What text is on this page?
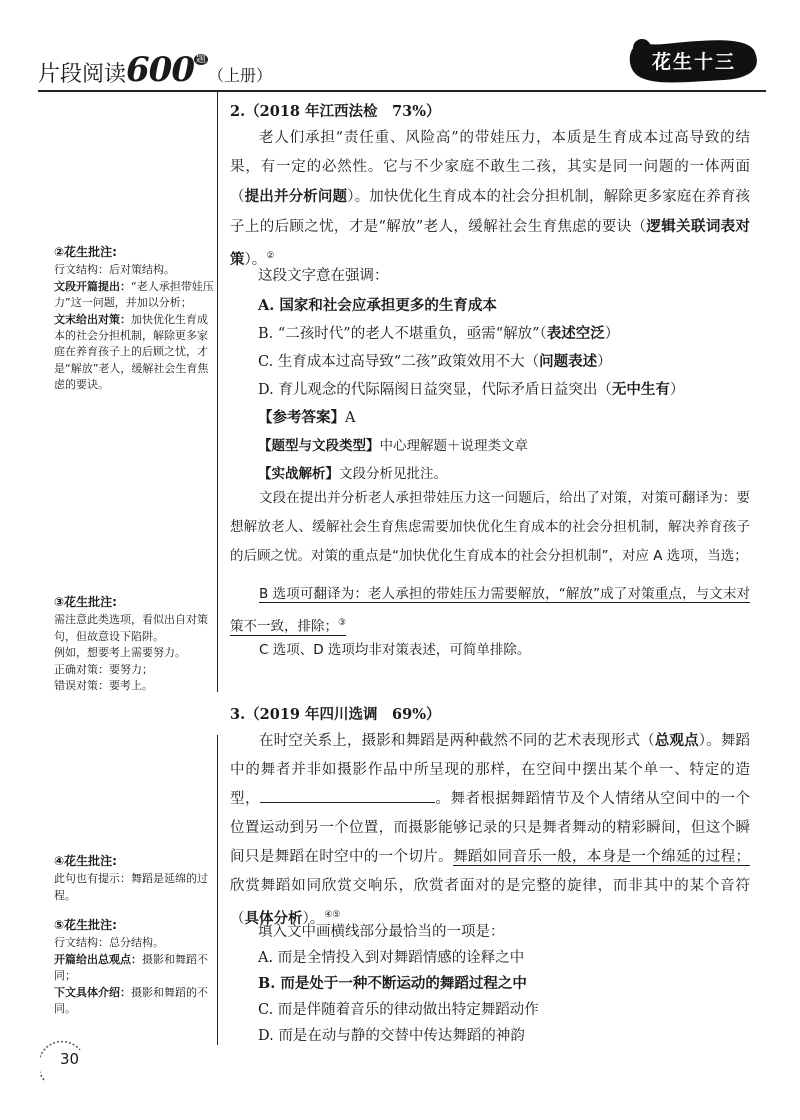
片段阅读600 $^题$（上册）
花生十三
②花生批注:
行文结构：后对策结构。
文段开篇提出：“老人承担带娃压力”这一问题，并加以分析；
文末给出对策：加快优化生育成本的社会分担机制，解除更多家庭在养育孩子上的后顾之忧，才是“解放”老人，缓解社会生育焦虑的要诀。
③花生批注:
需注意此类选项，看似出自对策句，但故意设下陷阱。
例如，想要考上需要努力。
正确对策：要努力；
错误对策：要考上。
④花生批注:
此句也有提示：舞蹈是延绵的过程。
⑤花生批注:
行文结构：总分结构。
开篇给出总观点：摄影和舞蹈不同；
下文具体介绍：摄影和舞蹈的不同。
2.（2018 年江西法检　73%）

老人们承担“责任重、风险高”的带娃压力，本质是生育成本过高导致的结果，有一定的必然性。它与不少家庭不敢生二孩，其实是同一问题的一体两面（提出并分析问题）。加快优化生育成本的社会分担机制，解除更多家庭在养育孩子上的后顾之忧，才是“解放”老人，缓解社会生育焦虑的要诀（逻辑关联词表对策）。②

这段文字意在强调：
A. 国家和社会应承担更多的生育成本
B. “二孩时代”的老人不堪重负，亟需“解放”（表述空泛）
C. 生育成本过高导致“二孩”政策效用不大（问题表述）
D. 育儿观念的代际隔阂日益突显，代际矛盾日益突出（无中生有）
【参考答案】A
【题型与文段类型】中心理解题＋说理类文章
【实战解析】文段分析见批注。

文段在提出并分析老人承担带娃压力这一问题后，给出了对策，对策可翻译为：要想解放老人、缓解社会生育焦虑需要加快优化生育成本的社会分担机制，解决养育孩子的后顾之忧。对策的重点是“加快优化生育成本的社会分担机制”，对应 A 选项，当选；

B 选项可翻译为：老人承担的带娃压力需要解放，“解放”成了对策重点，与文末对策不一致，排除；③

C 选项、D 选项均非对策表述，可简单排除。

3.（2019 年四川选调　69%）

在时空关系上，摄影和舞蹈是两种截然不同的艺术表现形式（总观点）。舞蹈中的舞者并非如摄影作品中所呈现的那样，在空间中摆出某个单一、特定的造型，	。舞者根据舞蹈情节及个人情绪从空间中的一个位置运动到另一个位置，而摄影能够记录的只是舞者舞动的精彩瞬间，但这个瞬间只是舞蹈在时空中的一个切片。舞蹈如同音乐一般，本身是一个绵延的过程；欣赏舞蹈如同欣赏交响乐，欣赏者面对的是完整的旋律，而非其中的某个音符（具体分析）。④⑤

填入文中画横线部分最恰当的一项是：
A. 而是全情投入到对舞蹈情感的诠释之中
B. 而是处于一种不断运动的舞蹈过程之中
C. 而是伴随着音乐的律动做出特定舞蹈动作
D. 而是在动与静的交替中传达舞蹈的神韵
30
